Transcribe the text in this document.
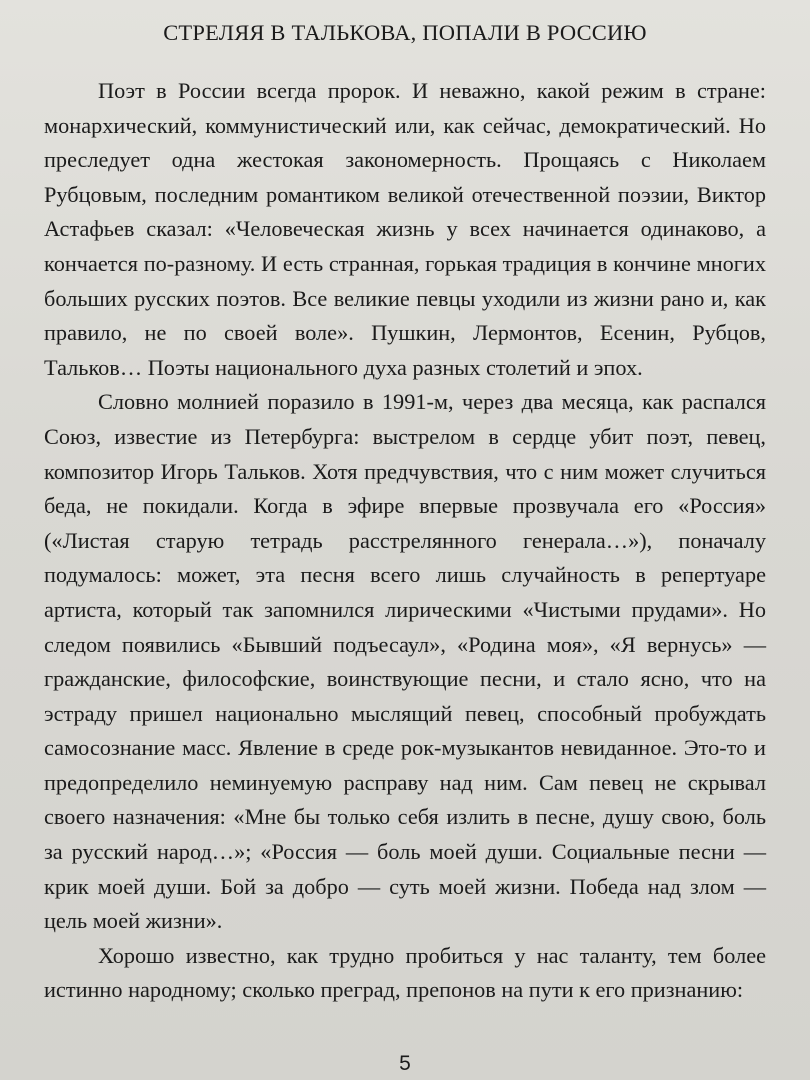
СТРЕЛЯЯ В ТАЛЬКОВА, ПОПАЛИ В РОССИЮ

Поэт в России всегда пророк. И неважно, какой режим в стране: монархический, коммунистический или, как сейчас, демократический. Но преследует одна жестокая закономерность. Прощаясь с Николаем Рубцовым, последним романтиком великой отечественной поэзии, Виктор Астафьев сказал: «Человеческая жизнь у всех начинается одинаково, а кончается по-разному. И есть странная, горькая традиция в кончине многих больших русских поэтов. Все великие певцы уходили из жизни рано и, как правило, не по своей воле». Пушкин, Лермонтов, Есенин, Рубцов, Тальков… Поэты национального духа разных столетий и эпох.

Словно молнией поразило в 1991-м, через два месяца, как распался Союз, известие из Петербурга: выстрелом в сердце убит поэт, певец, композитор Игорь Тальков. Хотя предчувствия, что с ним может случиться беда, не покидали. Когда в эфире впервые прозвучала его «Россия» («Листая старую тетрадь расстрелянного генерала…»), поначалу подумалось: может, эта песня всего лишь случайность в репертуаре артиста, который так запомнился лирическими «Чистыми прудами». Но следом появились «Бывший подъесаул», «Родина моя», «Я вернусь» — гражданские, философские, воинствующие песни, и стало ясно, что на эстраду пришел национально мыслящий певец, способный пробуждать самосознание масс. Явление в среде рок-музыкантов невиданное. Это-то и предопределило неминуемую расправу над ним. Сам певец не скрывал своего назначения: «Мне бы только себя излить в песне, душу свою, боль за русский народ…»; «Россия — боль моей души. Социальные песни — крик моей души. Бой за добро — суть моей жизни. Победа над злом — цель моей жизни».

Хорошо известно, как трудно пробиться у нас таланту, тем более истинно народному; сколько преград, препонов на пути к его признанию:

5
